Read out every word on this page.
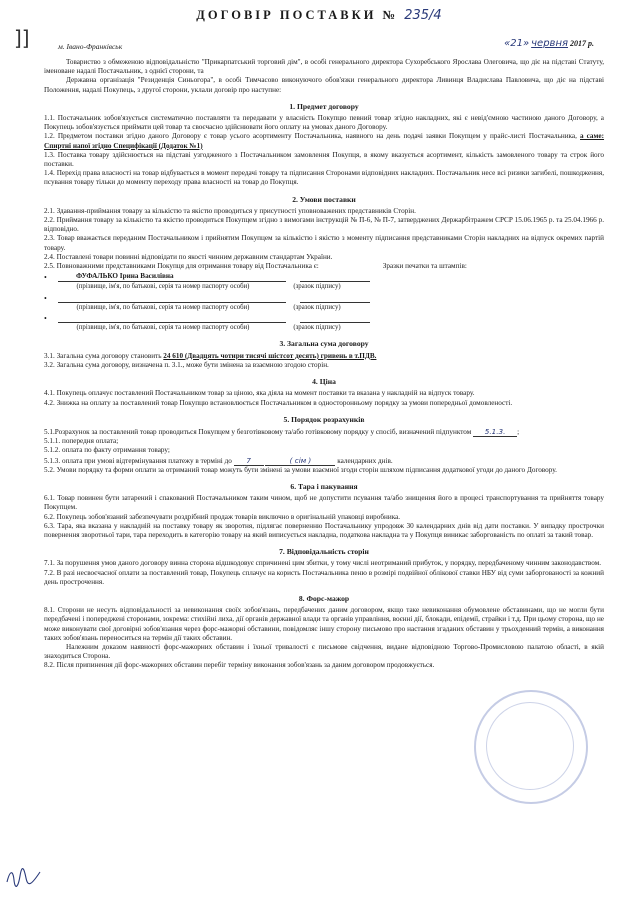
ДОГОВІР ПОСТАВКИ № 235/4
]]	м. Івано-Франківськ	«21» червня 2017 р.

Товариство з обмеженою відповідальністю "Прикарпатський торговий дім", в особі генерального директора Сухоребського Ярослава Олеговича, що діє на підставі Статуту, іменоване надалі Постачальник, з однієї сторони, та

Державна організація "Резиденція Синьогора", в особі Тимчасово виконуючого обов'язки генерального директора Ливинця Владислава Павловича, що діє на підставі Положення, надалі Покупець, з другої сторони, уклали договір про наступне:

1. Предмет договору

1.1. Постачальник зобов'язується систематично поставляти та передавати у власність Покупцю певний товар згідно накладних, які є невід'ємною частиною даного Договору, а Покупець зобов'язується приймати цей товар та своєчасно здійснювати його оплату на умовах даного Договору.

1.2. Предметом поставки згідно даного Договору є товар усього асортименту Постачальника, наявного на день подачі заявки Покупцем у прайс-листі Постачальника, а саме: Спиртні напої згідно Специфікації (Додаток №1)

1.3. Поставка товару здійснюється на підставі узгодженого з Постачальником замовлення Покупця, в якому вказується асортимент, кількість замовленого товару та строк його поставки.

1.4. Перехід права власності на товар відбувається в момент передачі товару та підписання Сторонами відповідних накладних. Постачальник несе всі ризики загибелі, пошкодження, псування товару тільки до моменту переходу права власності на товар до Покупця.

2. Умови поставки

2.1. Здавання-приймання товару за кількістю та якістю проводиться у присутності уповноважених представників Сторін.

2.2. Приймання товару за кількістю та якістю проводиться Покупцем згідно з вимогами інструкцій № П-6, № П-7, затверджених Держарбітражем СРСР 15.06.1965 р. та 25.04.1966 р. відповідно.

2.3. Товар вважається переданим Постачальником і прийнятим Покупцем за кількістю і якістю з моменту підписання представниками Сторін накладних на відпуск окремих партій товару.

2.4. Поставлені товари повинні відповідати по якості чинним державним стандартам України.

2.5. Повноважними представниками Покупця для отримання товару від Постачальника є:	Зразки печатки та штампів:

•	ФУФАЛЬКО Ірина Василівна

(прізвище, ім'я, по батькові, серія та номер паспорту особи)	(зразок підпису)
•

(прізвище, ім'я, по батькові, серія та номер паспорту особи)	(зразок підпису)
•

(прізвище, ім'я, по батькові, серія та номер паспорту особи)	(зразок підпису)
3. Загальна сума договору

3.1. Загальна сума договору становить 24 610 (Двадцять чотири тисячі шістсот десять) гривень в т.ПДВ.

3.2. Загальна сума договору, визначена п. 3.1., може бути змінена за взаємною згодою сторін.

4. Ціна

4.1. Покупець оплачує поставлений Постачальником товар за ціною, яка діяла на момент поставки та вказана у накладній на відпуск товару.

4.2. Знижка на оплату за поставлений товар Покупцю встановлюється Постачальником в односторонньому порядку за умови попередньої домовленості.

5. Порядок розрахунків

5.1.Розрахунок за поставлений товар проводиться Покупцем у безготівковому та/або готівковому порядку у спосіб, визначений підпунктом 5.1.3. ;

5.1.1. попередня оплата;

5.1.2. оплата по факту отримання товару;

5.1.3. оплата при умові відтермінування платежу в терміні до 7	( сім )	календарних днів.

5.2. Умови порядку та форми оплати за отриманий товар можуть бути змінені за умови взаємної згоди сторін шляхом підписання додаткової угоди до даного Договору.

6. Тара і пакування

6.1. Товар повинен бути затарений і спакований Постачальником таким чином, щоб не допустити псування та/або знищення його в процесі транспортування та прийняття товару Покупцем.

6.2. Покупець зобов'язаний забезпечувати роздрібний продаж товарів виключно в оригінальній упаковці виробника.

6.3. Тара, яка вказана у накладній на поставку товару як зворотня, підлягає поверненню Постачальнику упродовж 30 календарних днів від дати поставки. У випадку прострочки повернення зворотньої тари, тара переходить в категорію товару на який виписується накладна, податкова накладна та у Покупця виникає заборгованість по оплаті за такий товар.

7. Відповідальність сторін

7.1. За порушення умов даного договору винна сторона відшкодовує спричинені цим збитки, у тому числі неотриманий прибуток, у порядку, передбаченому чинним законодавством.

7.2. В разі несвоєчасної оплати за поставлений товар, Покупець сплачує на користь Постачальника пеню в розмірі подвійної облікової ставки НБУ від суми заборгованості за кожний день прострочення.

8. Форс-мажор

8.1. Сторони не несуть відповідальності за невиконання своїх зобов'язань, передбачених даним договором, якщо таке невиконання обумовлене обставинами, що не могли бути передбачені і попереджені сторонами, зокрема: стихійні лиха, дії органів державної влади та органів управління, воєнні дії, блокади, епідемії, страйки і т.д. При цьому сторона, що не може виконувати свої договірні зобов'язання через форс-мажорні обставини, повідомляє іншу сторону письмово про настання згаданих обставин у трьохденний термін, а виконання таких зобов'язань переноситься на термін дії таких обставин.

Належним доказом наявності форс-мажорних обставин і їхньої тривалості є письмове свідчення, видане відповідною Торгово-Промисловою палатою області, в якій знаходиться Сторона.

8.2. Після припинення дії форс-мажорних обставин перебіг терміну виконання зобов'язань за даним договором продовжується.
